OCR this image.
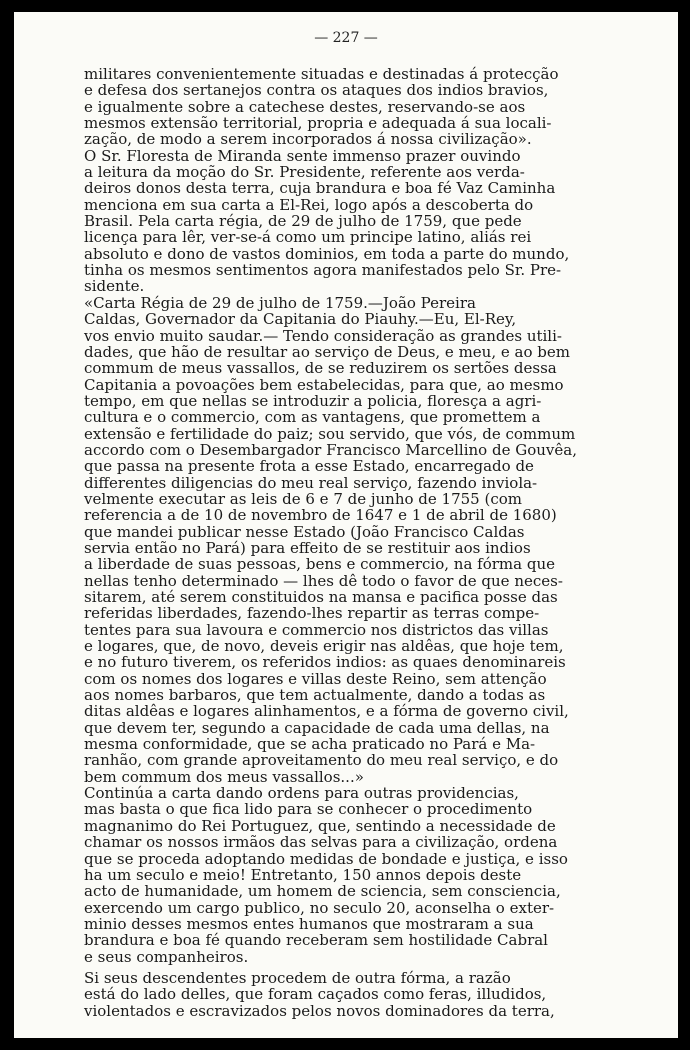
— 227 —

militares convenientemente situadas e destinadas á protecção
e defesa dos sertanejos contra os ataques dos indios bravios,
e igualmente sobre a catechese destes, reservando-se aos
mesmos extensão territorial, propria e adequada á sua locali-
zação, de modo a serem incorporados á nossa civilização».

O Sr. Floresta de Miranda sente immenso prazer ouvindo
a leitura da moção do Sr. Presidente, referente aos verda-
deiros donos desta terra, cuja brandura e boa fé Vaz Caminha
menciona em sua carta a El-Rei, logo após a descoberta do
Brasil. Pela carta régia, de 29 de julho de 1759, que pede
licença para lêr, ver-se-á como um principe latino, aliás rei
absoluto e dono de vastos dominios, em toda a parte do mundo,
tinha os mesmos sentimentos agora manifestados pelo Sr. Pre-
sidente.

«Carta Régia de 29 de julho de 1759.—João Pereira
Caldas, Governador da Capitania do Piauhy.—Eu, El-Rey,
vos envio muito saudar.— Tendo consideração as grandes utili-
dades, que hão de resultar ao serviço de Deus, e meu, e ao bem
commum de meus vassallos, de se reduzirem os sertões dessa
Capitania a povoações bem estabelecidas, para que, ao mesmo
tempo, em que nellas se introduzir a policia, floresça a agri-
cultura e o commercio, com as vantagens, que promettem a
extensão e fertilidade do paiz; sou servido, que vós, de commum
accordo com o Desembargador Francisco Marcellino de Gouvêa,
que passa na presente frota a esse Estado, encarregado de
differentes diligencias do meu real serviço, fazendo inviola-
velmente executar as leis de 6 e 7 de junho de 1755 (com
referencia a de 10 de novembro de 1647 e 1 de abril de 1680)
que mandei publicar nesse Estado (João Francisco Caldas
servia então no Pará) para effeito de se restituir aos indios
a liberdade de suas pessoas, bens e commercio, na fórma que
nellas tenho determinado — lhes dê todo o favor de que neces-
sitarem, até serem constituidos na mansa e pacifica posse das
referidas liberdades, fazendo-lhes repartir as terras compe-
tentes para sua lavoura e commercio nos districtos das villas
e logares, que, de novo, deveis erigir nas aldêas, que hoje tem,
e no futuro tiverem, os referidos indios: as quaes denominareis
com os nomes dos logares e villas deste Reino, sem attenção
aos nomes barbaros, que tem actualmente, dando a todas as
ditas aldêas e logares alinhamentos, e a fórma de governo civil,
que devem ter, segundo a capacidade de cada uma dellas, na
mesma conformidade, que se acha praticado no Pará e Ma-
ranhão, com grande aproveitamento do meu real serviço, e do
bem commum dos meus vassallos...»

Continúa a carta dando ordens para outras providencias,
mas basta o que fica lido para se conhecer o procedimento
magnanimo do Rei Portuguez, que, sentindo a necessidade de
chamar os nossos irmãos das selvas para a civilização, ordena
que se proceda adoptando medidas de bondade e justiça, e isso
ha um seculo e meio! Entretanto, 150 annos depois deste
acto de humanidade, um homem de sciencia, sem consciencia,
exercendo um cargo publico, no seculo 20, aconselha o exter-
minio desses mesmos entes humanos que mostraram a sua
brandura e boa fé quando receberam sem hostilidade Cabral
e seus companheiros.

Si seus descendentes procedem de outra fórma, a razão
está do lado delles, que foram caçados como feras, illudidos,
violentados e escravizados pelos novos dominadores da terra,
